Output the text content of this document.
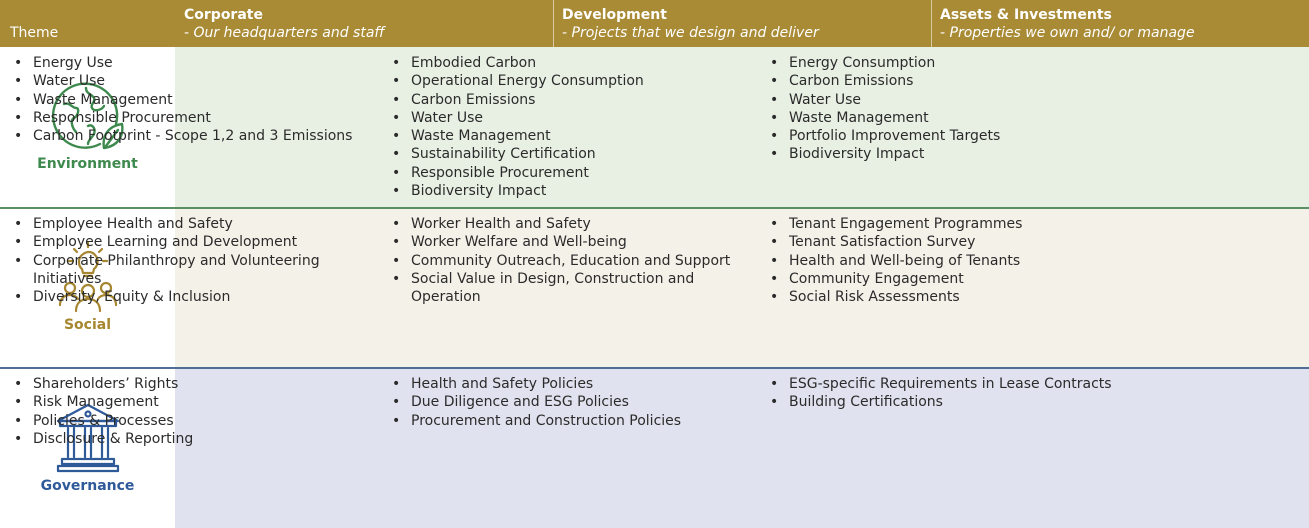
Theme
Corporate
- Our headquarters and staff
Development
- Projects that we design and deliver
Assets & Investments
- Properties we own and/ or manage
Environment
• Energy Use
• Water Use
• Waste Management
• Responsible Procurement
• Carbon Footprint - Scope 1,2 and 3 Emissions
• Embodied Carbon
• Operational Energy Consumption
• Carbon Emissions
• Water Use
• Waste Management
• Sustainability Certification
• Responsible Procurement
• Biodiversity Impact
• Energy Consumption
• Carbon Emissions
• Water Use
• Waste Management
• Portfolio Improvement Targets
• Biodiversity Impact
Social
• Employee Health and Safety
• Employee Learning and Development
• Corporate Philanthropy and Volunteering Initiatives
• Diversity, Equity & Inclusion
• Worker Health and Safety
• Worker Welfare and Well-being
• Community Outreach, Education and Support
• Social Value in Design, Construction and Operation
• Tenant Engagement Programmes
• Tenant Satisfaction Survey
• Health and Well-being of Tenants
• Community Engagement
• Social Risk Assessments
Governance
• Shareholders’ Rights
• Risk Management
• Policies & Processes
• Disclosure & Reporting
• Health and Safety Policies
• Due Diligence and ESG Policies
• Procurement and Construction Policies
• ESG-specific Requirements in Lease Contracts
• Building Certifications
